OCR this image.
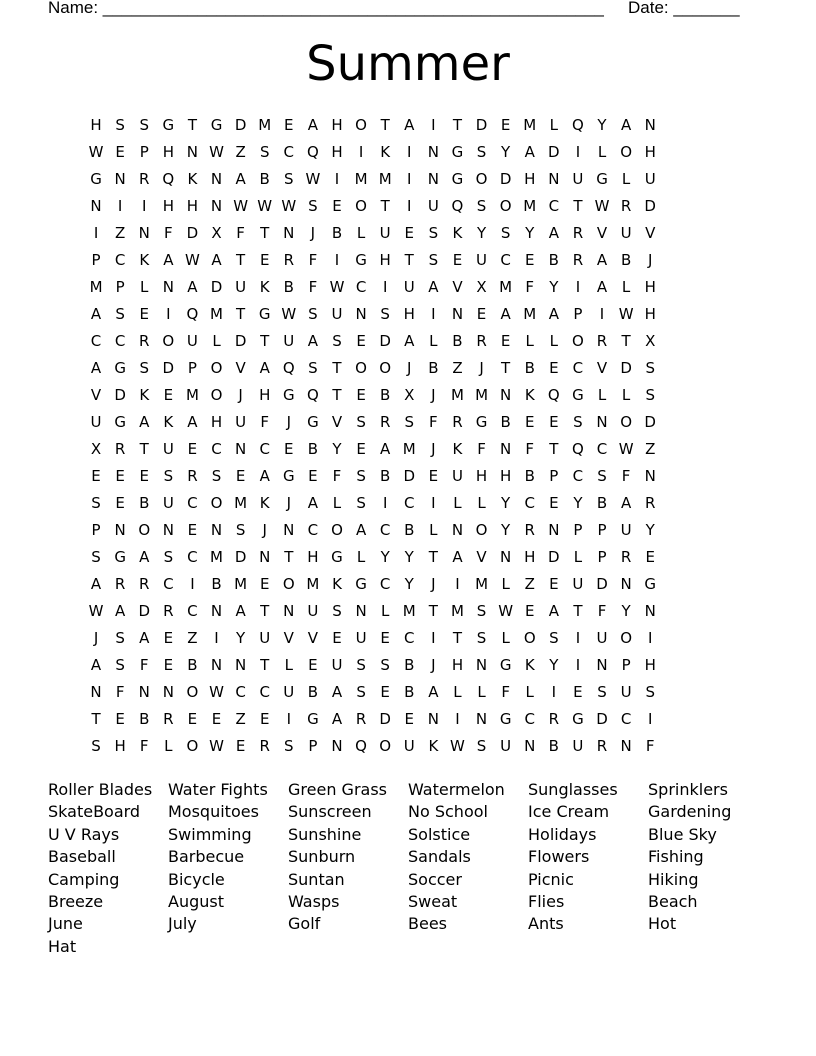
Name: _____________________________________________________ Date: _______
Summer
H S S G T G D M E A H O T A	I	T D E M L Q Y A N
W E P H N W Z S C Q H	I	K	I	N G S Y A D	I	L O H
G N R Q K N A B S W I	M M	I	N G O D H N U G L U
N	I	I	H H N W W W S E O T	I	U Q S O M C T W R D
I	Z N F D X F	T N	J	B L U E S K Y S Y A R V U V
P C K A W A T E R F	I	G H T S E U C E B R A B	J
M P	L N A D U K B F W C	I	U A V X M F	Y	I	A L H
A S E	I	Q M T G W S U N S H	I	N E A M A P	I W H
C C R O U L D T U A S E D A L B R E	L	L O R T X
A G S D P O V A Q S T O O	J	B Z	J	T B E C V D S
V D K E M O	J	H G Q T E B X	J	M M N K Q G L	L	S
U G A K A H U F	J	G V S R S	F R G B E E S N O D
X R T U E C N C E B Y E A M	J	K F N F	T Q C W Z
E E E S R S E A G E	F	S B D E U H H B P C S	F N
S E B U C O M K	J	A L	S	I	C	I	L	L	Y C E Y B A R
P N O N E N S	J	N C O A C B L N O Y R N P	P U Y
S G A S C M D N T H G L	Y Y T A V N H D L	P R E
A R R C	I	B M E O M K G C Y	J	I	M L Z E U D N G
W A D R C N A T N U S N L M T M S W E A T	F	Y N
J	S A E Z	I	Y U V V E U E C	I	T S	L O S	I	U O	I
A S	F	E B N N T	L	E U S S B	J	H N G K Y	I	N P H
N F N N O W C C U B A S E B A L	L	F	L	I	E S U S
T E B R E E Z E	I	G A R D E N	I	N G C R G D C	I
S H F	L O W E R S P N Q O U K W S U N B U R N F
Roller Blades Water Fights	Green Grass	Watermelon	Sunglasses	Sprinklers
SkateBoard	Mosquitoes	Sunscreen	No School	Ice Cream	Gardening
U V Rays	Swimming	Sunshine	Solstice	Holidays	Blue Sky
Baseball	Barbecue	Sunburn	Sandals	Flowers	Fishing
Camping	Bicycle	Suntan	Soccer	Picnic	Hiking
Breeze	August	Wasps	Sweat	Flies	Beach
June	July	Golf	Bees	Ants	Hot
Hat
